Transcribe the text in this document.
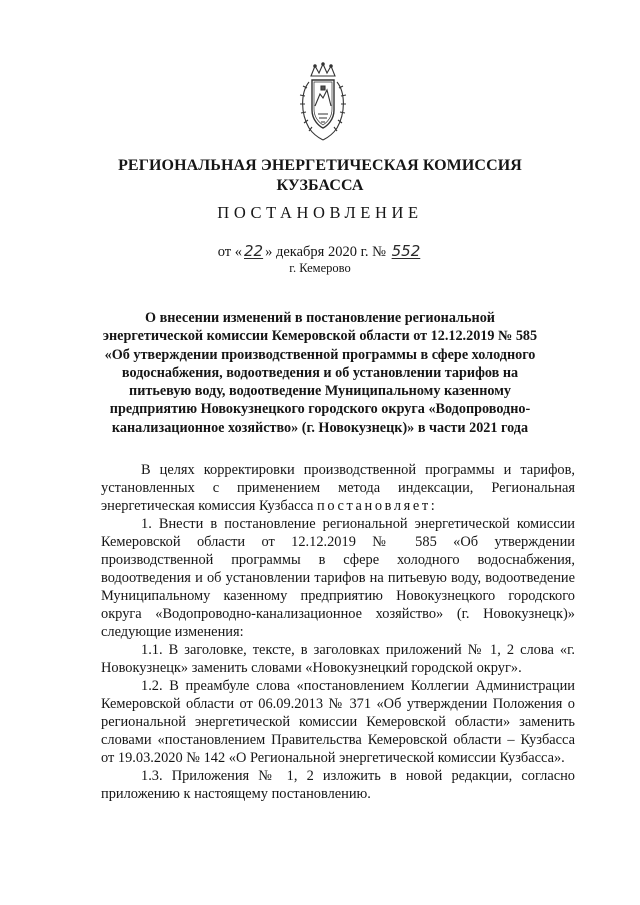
РЕГИОНАЛЬНАЯ ЭНЕРГЕТИЧЕСКАЯ КОМИССИЯ
КУЗБАССА
ПОСТАНОВЛЕНИЕ
от « 22 » декабря 2020 г. № 552
г. Кемерово
О внесении изменений в постановление региональной
энергетической комиссии Кемеровской области от 12.12.2019 № 585
«Об утверждении производственной программы в сфере холодного
водоснабжения, водоотведения и об установлении тарифов на
питьевую воду, водоотведение Муниципальному казенному
предприятию Новокузнецкого городского округа «Водопроводно-
канализационное хозяйство» (г. Новокузнецк)» в части 2021 года

В целях корректировки производственной программы и тарифов, установленных с применением метода индексации, Региональная энергетическая комиссия Кузбасса постановляет:

1. Внести в постановление региональной энергетической комиссии Кемеровской области от 12.12.2019 № 585 «Об утверждении производственной программы в сфере холодного водоснабжения, водоотведения и об установлении тарифов на питьевую воду, водоотведение Муниципальному казенному предприятию Новокузнецкого городского округа «Водопроводно-канализационное хозяйство» (г. Новокузнецк)» следующие изменения:

1.1. В заголовке, тексте, в заголовках приложений № 1, 2 слова «г. Новокузнецк» заменить словами «Новокузнецкий городской округ».

1.2. В преамбуле слова «постановлением Коллегии Администрации Кемеровской области от 06.09.2013 № 371 «Об утверждении Положения о региональной энергетической комиссии Кемеровской области» заменить словами «постановлением Правительства Кемеровской области – Кузбасса от 19.03.2020 № 142 «О Региональной энергетической комиссии Кузбасса».

1.3. Приложения № 1, 2 изложить в новой редакции, согласно приложению к настоящему постановлению.
